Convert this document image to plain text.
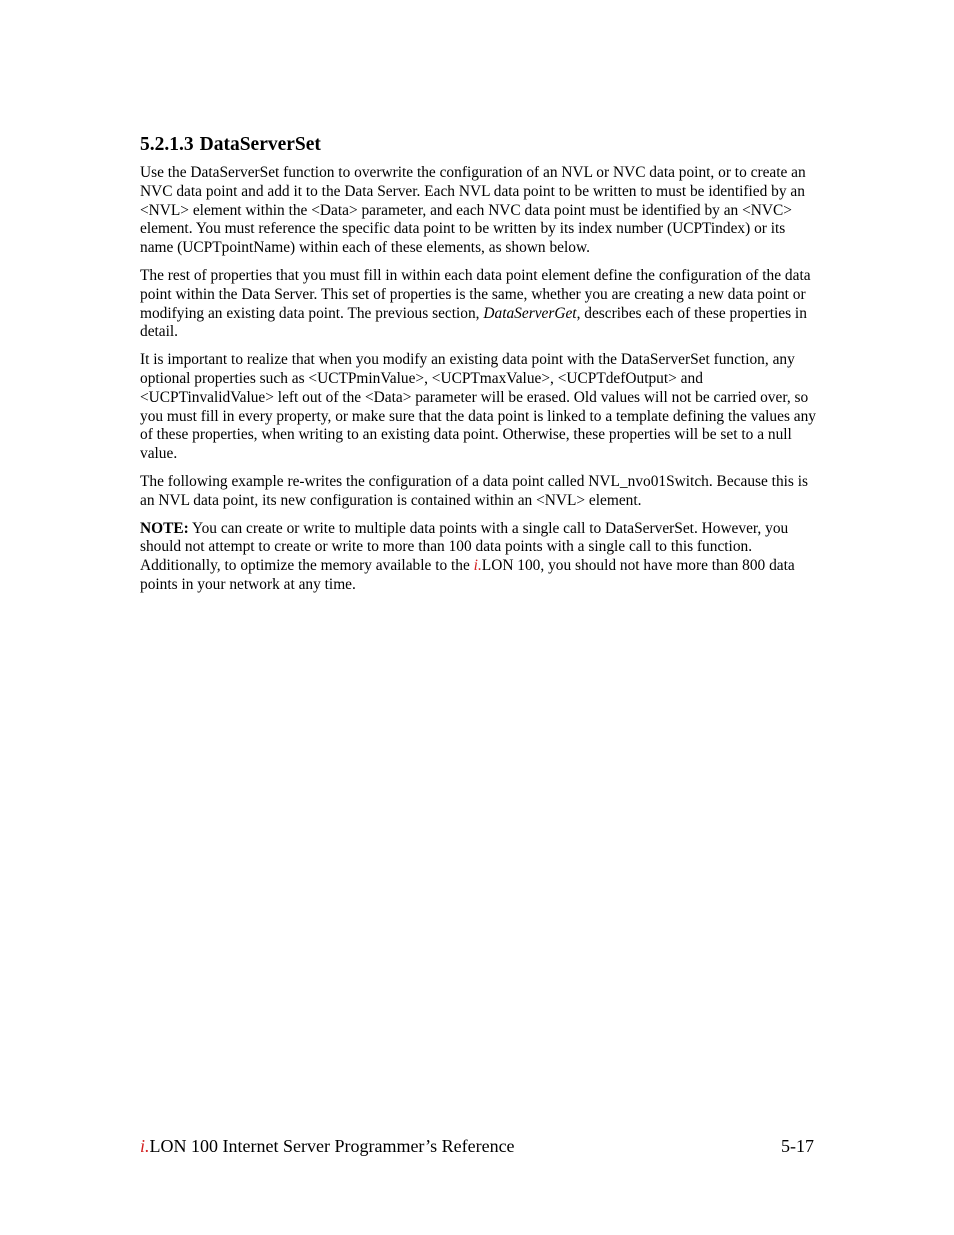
5.2.1.3 DataServerSet

Use the DataServerSet function to overwrite the configuration of an NVL or NVC data point, or to create an NVC data point and add it to the Data Server. Each NVL data point to be written to must be identified by an <NVL> element within the <Data> parameter, and each NVC data point must be identified by an <NVC> element. You must reference the specific data point to be written by its index number (UCPTindex) or its name (UCPTpointName) within each of these elements, as shown below.

The rest of properties that you must fill in within each data point element define the configuration of the data point within the Data Server. This set of properties is the same, whether you are creating a new data point or modifying an existing data point. The previous section, DataServerGet, describes each of these properties in detail.

It is important to realize that when you modify an existing data point with the DataServerSet function, any optional properties such as <UCTPminValue>, <UCPTmaxValue>, <UCPTdefOutput> and <UCPTinvalidValue> left out of the <Data> parameter will be erased. Old values will not be carried over, so you must fill in every property, or make sure that the data point is linked to a template defining the values any of these properties, when writing to an existing data point. Otherwise, these properties will be set to a null value.

The following example re-writes the configuration of a data point called NVL_nvo01Switch. Because this is an NVL data point, its new configuration is contained within an <NVL> element.

NOTE: You can create or write to multiple data points with a single call to DataServerSet. However, you should not attempt to create or write to more than 100 data points with a single call to this function. Additionally, to optimize the memory available to the i.LON 100, you should not have more than 800 data points in your network at any time.

i.LON 100 Internet Server Programmer’s Reference	5-17
